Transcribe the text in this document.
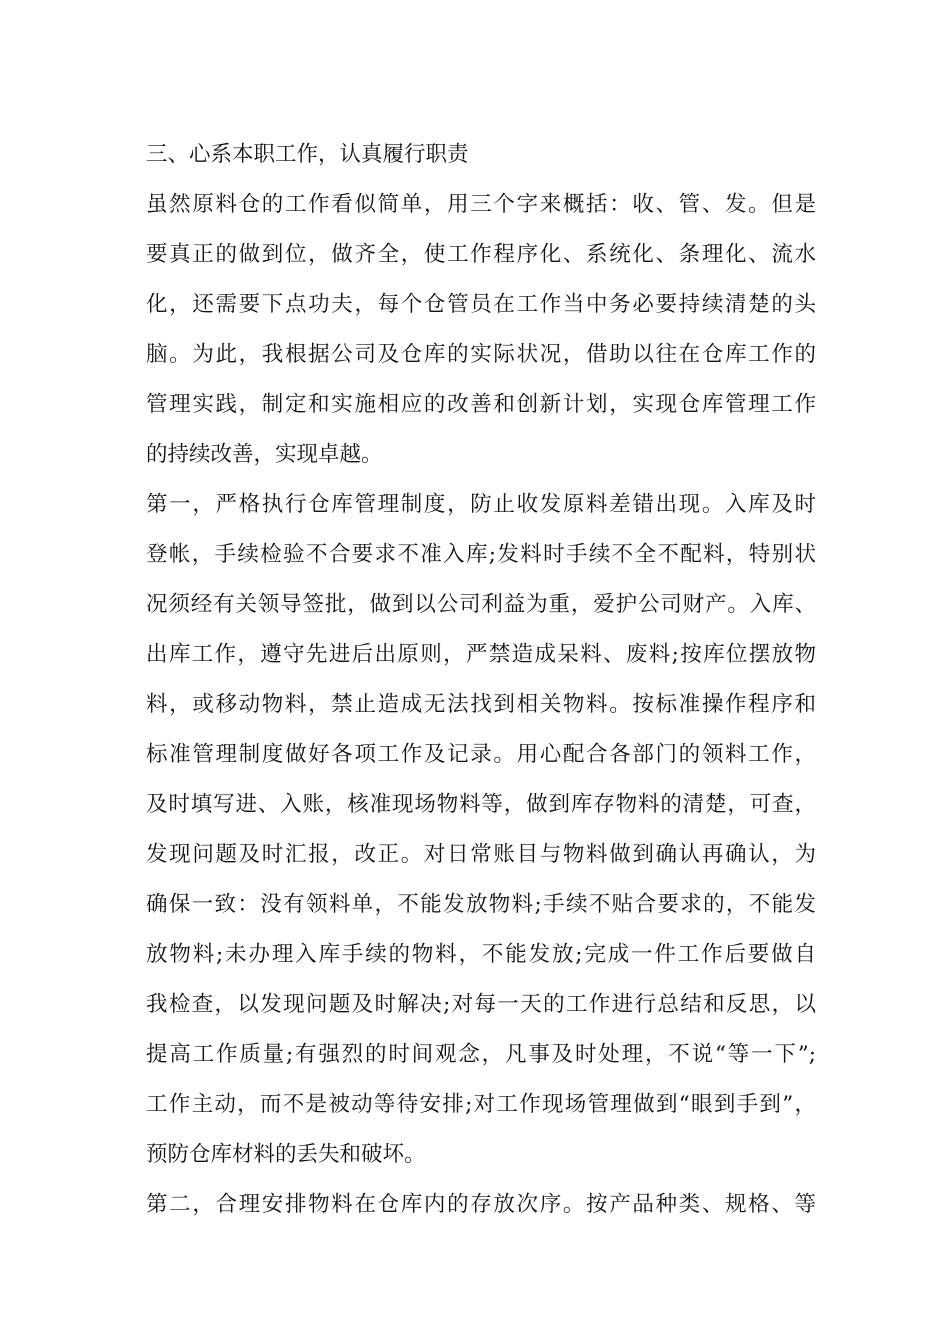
三、心系本职工作，认真履行职责
虽然原料仓的工作看似简单，用三个字来概括：收、管、发。但是
要真正的做到位，做齐全，使工作程序化、系统化、条理化、流水
化，还需要下点功夫，每个仓管员在工作当中务必要持续清楚的头
脑。为此，我根据公司及仓库的实际状况，借助以往在仓库工作的
管理实践，制定和实施相应的改善和创新计划，实现仓库管理工作
的持续改善，实现卓越。
第一，严格执行仓库管理制度，防止收发原料差错出现。入库及时
登帐，手续检验不合要求不准入库;发料时手续不全不配料，特别状
况须经有关领导签批，做到以公司利益为重，爱护公司财产。入库、
出库工作，遵守先进后出原则，严禁造成呆料、废料;按库位摆放物
料，或移动物料，禁止造成无法找到相关物料。按标准操作程序和
标准管理制度做好各项工作及记录。用心配合各部门的领料工作，
及时填写进、入账，核准现场物料等，做到库存物料的清楚，可查，
发现问题及时汇报，改正。对日常账目与物料做到确认再确认，为
确保一致：没有领料单，不能发放物料;手续不贴合要求的，不能发
放物料;未办理入库手续的物料，不能发放;完成一件工作后要做自
我检查，以发现问题及时解决;对每一天的工作进行总结和反思，以
提高工作质量;有强烈的时间观念，凡事及时处理，不说“等一下”;
工作主动，而不是被动等待安排;对工作现场管理做到“眼到手到”，
预防仓库材料的丢失和破坏。
第二，合理安排物料在仓库内的存放次序。按产品种类、规格、等
